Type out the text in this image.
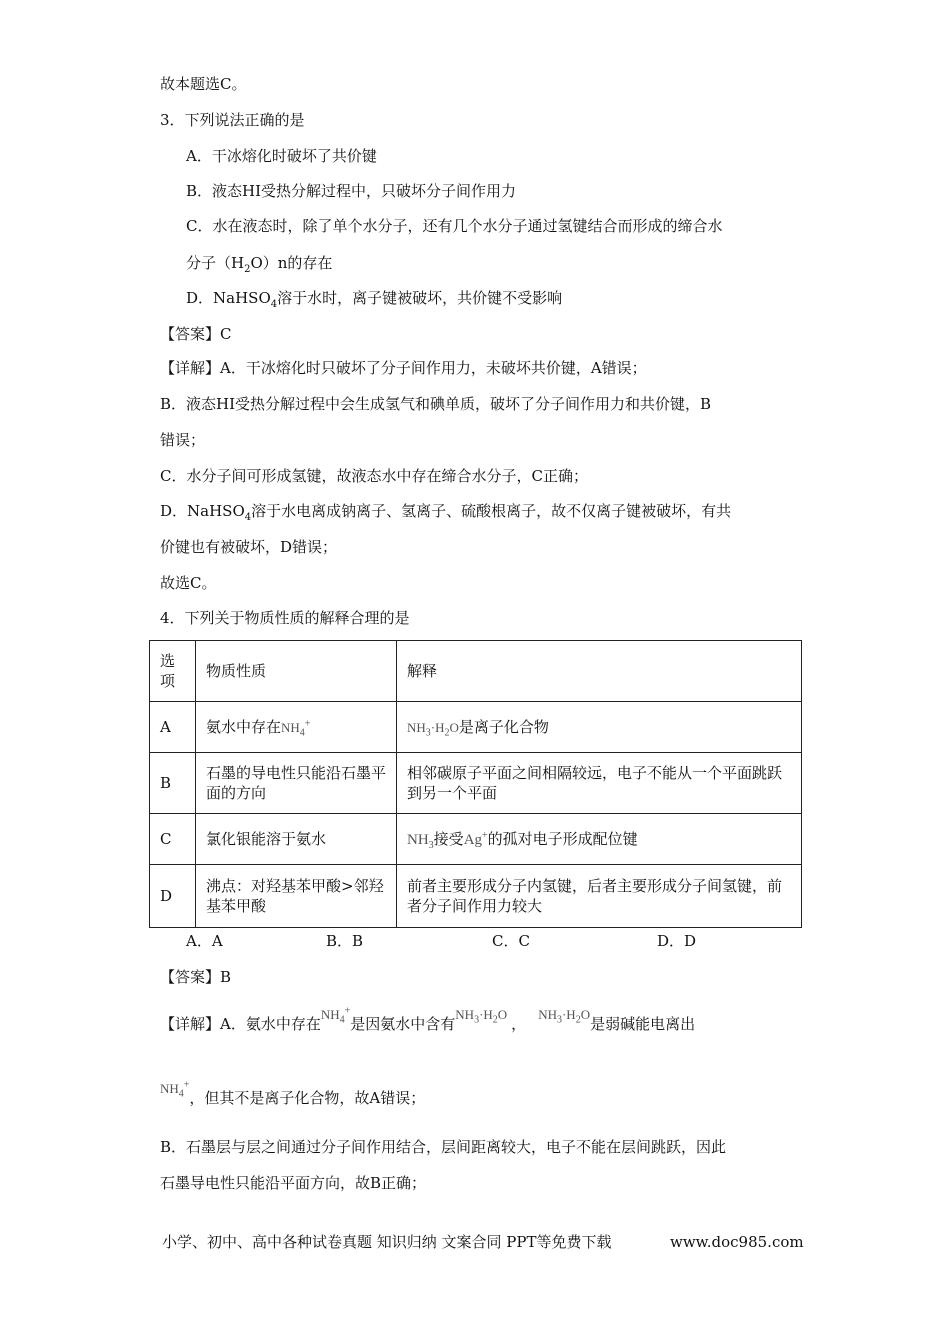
故本题选C。
3．下列说法正确的是
A．干冰熔化时破坏了共价键
B．液态HI受热分解过程中，只破坏分子间作用力
C．水在液态时，除了单个水分子，还有几个水分子通过氢键结合而形成的缔合水
分子$(H_2O)n$的存在
D．NaHSO$_4$溶于水时，离子键被破坏，共价键不受影响
【答案】C
【详解】A．干冰熔化时只破坏了分子间作用力，未破坏共价键，A错误；
B．液态HI受热分解过程中会生成氢气和碘单质，破坏了分子间作用力和共价键，B
错误；
C．水分子间可形成氢键，故液态水中存在缔合水分子，C正确；
D．NaHSO$_4$溶于水电离成钠离子、氢离子、硫酸根离子，故不仅离子键被破坏，有共
价键也有被破坏，D错误；
故选C。
4．下列关于物质性质的解释合理的是
选项	物质性质	解释
A	氨水中存在$NH_4^+$	$NH_3\cdot H_2O$是离子化合物
B	石墨的导电性只能沿石墨平面的方向	相邻碳原子平面之间相隔较远，电子不能从一个平面跳跃到另一个平面
C	氯化银能溶于氨水	$NH_3$接受Ag+的孤对电子形成配位键
D	沸点：对羟基苯甲酸>邻羟基苯甲酸	前者主要形成分子内氢键，后者主要形成分子间氢键，前者分子间作用力较大
A．A	B．B	C．C	D．D
【答案】B
【详解】A．氨水中存在$NH_4^+$是因氨水中含有$NH_3\cdot H_2O$，$NH_3\cdot H_2O$是弱碱能电离出
$NH_4^+$，但其不是离子化合物，故A错误；
B．石墨层与层之间通过分子间作用结合，层间距离较大，电子不能在层间跳跃，因此
石墨导电性只能沿平面方向，故B正确；
小学、初中、高中各种试卷真题 知识归纳 文案合同 PPT等免费下载	www.doc985.com
